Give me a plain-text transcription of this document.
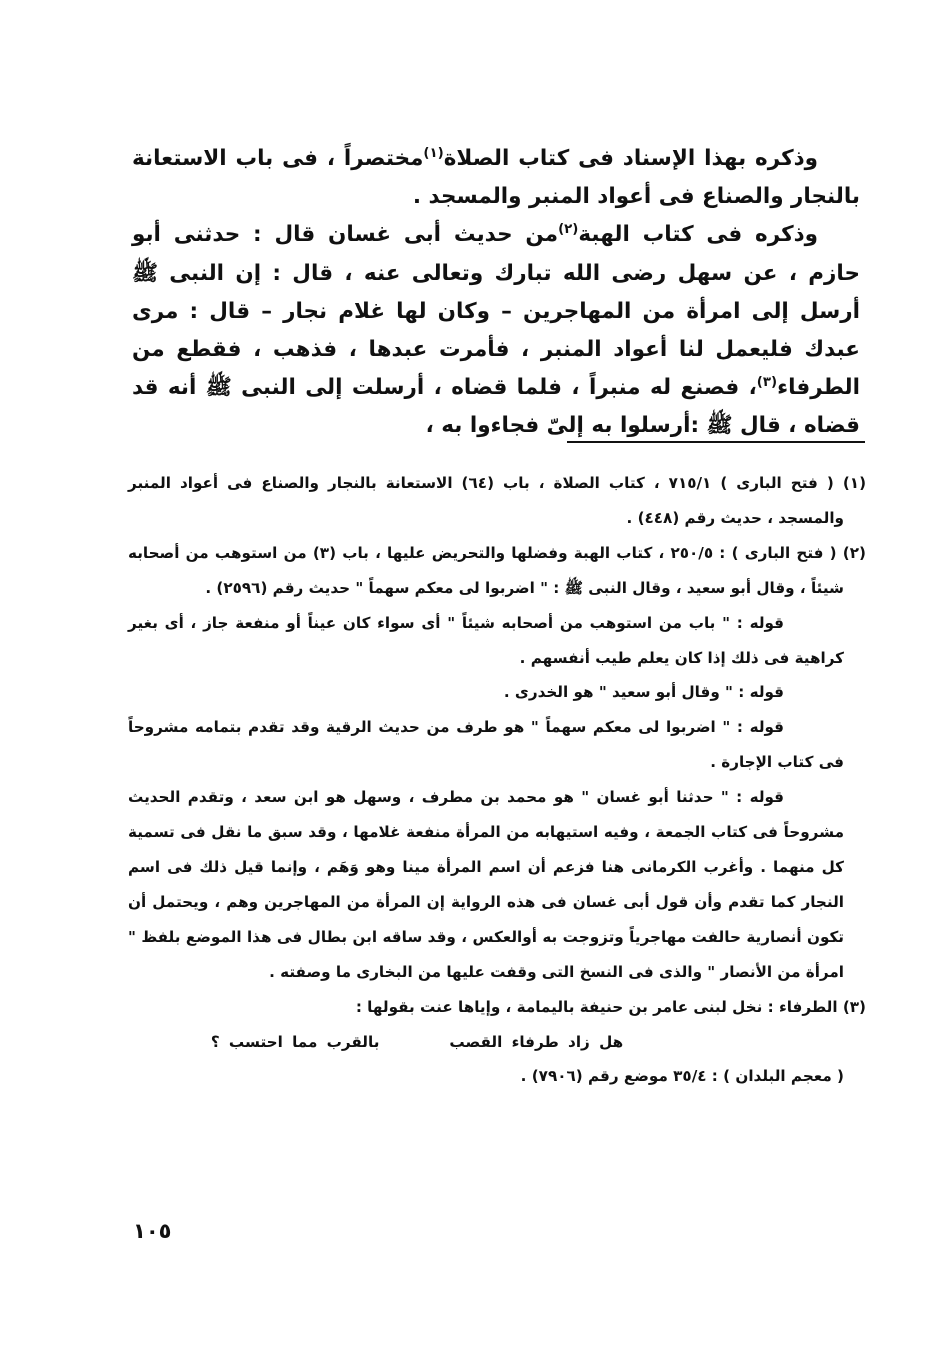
وذكره بهذا الإسناد فى كتاب الصلاة$^{(١)}$مختصراً ، فى باب الاستعانة بالنجار والصناع فى أعواد المنبر والمسجد .

وذكره فى كتاب الهبة$^{(٢)}$من حديث أبى غسان قال : حدثنى أبو حازم ، عن سهل رضى الله تبارك وتعالى عنه ، قال : إن النبى ﷺ أرسل إلى امرأة من المهاجرين – وكان لها غلام نجار – قال : مرى عبدك فليعمل لنا أعواد المنبر ، فأمرت عبدها ، فذهب ، فقطع من الطرفاء$^{(٣)}$، فصنع له منبراً ، فلما قضاه ، أرسلت إلى النبى ﷺ أنه قد قضاه ، قال ﷺ :أرسلوا به إلىّ فجاءوا به ،

(١) ( فتح البارى ) ٧١٥/١ ، كتاب الصلاة ، باب (٦٤) الاستعانة بالنجار والصناع فى أعواد المنبر والمسجد ، حديث رقم (٤٤٨) .

(٢) ( فتح البارى ) : ٢٥٠/٥ ، كتاب الهبة وفضلها والتحريض عليها ، باب (٣) من استوهب من أصحابه شيئاً ، وقال أبو سعيد ، وقال النبى ﷺ : " اضربوا لى معكم سهماً " حديث رقم (٢٥٩٦) .

قوله : " باب من استوهب من أصحابه شيئاً " أى سواء كان عيناً أو منفعة جاز ، أى بغير كراهية فى ذلك إذا كان يعلم طيب أنفسهم .

قوله : " وقال أبو سعيد " هو الخدرى .

قوله : " اضربوا لى معكم سهماً " هو طرف من حديث الرقية وقد تقدم بتمامه مشروحاً فى كتاب الإجارة .

قوله : " حدثنا أبو غسان " هو محمد بن مطرف ، وسهل هو ابن سعد ، وتقدم الحديث مشروحاً فى كتاب الجمعة ، وفيه استيهابه من المرأة منفعة غلامها ، وقد سبق ما نقل فى تسمية كل منهما . وأغرب الكرمانى هنا فزعم أن اسم المرأة مينا وهو وَهَم ، وإنما قيل ذلك فى اسم النجار كما تقدم وأن قول أبى غسان فى هذه الرواية إن المرأة من المهاجرين وهم ، ويحتمل أن تكون أنصارية حالفت مهاجرياً وتزوجت به أوالعكس ، وقد ساقه ابن بطال فى هذا الموضع بلفظ " امرأة من الأنصار " والذى فى النسخ التى وقفت عليها من البخارى ما وصفته .

(٣) الطرفاء : نخل لبنى عامر بن حنيفة باليمامة ، وإياها عنت بقولها :

هل زاد طرفاء القصببالقرب مما احتسب ؟

( معجم البلدان ) : ٣٥/٤ موضع رقم (٧٩٠٦) .

١٠٥
